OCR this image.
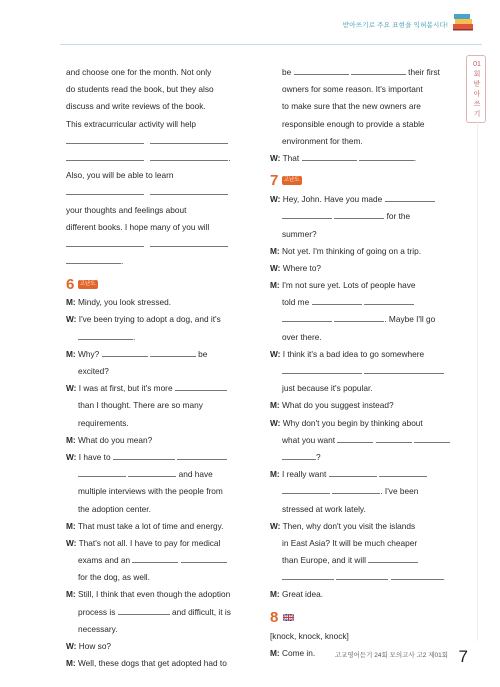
받아쓰기로 주요 표현을 익혀봅시다!
01회 받아쓰기
and choose one for the month. Not only
do students read the book, but they also
discuss and write reviews of the book.
This extracurricular activity will help

.
Also, you will be able to learn

your thoughts and feelings about
different books. I hope many of you will

.
6 고난도
M: Mindy, you look stressed.
W: I've been trying to adopt a dog, and it's
.
M: Why?	be
excited?
W: I was at first, but it's more
than I thought. There are so many
requirements.
M: What do you mean?
W: I have to
and have
multiple interviews with the people from
the adoption center.
M: That must take a lot of time and energy.
W: That's not all. I have to pay for medical
exams and an
for the dog, as well.
M: Still, I think that even though the adoption
process is	and difficult, it is
necessary.
W: How so?
M: Well, these dogs that get adopted had to
be	their first
owners for some reason. It's important
to make sure that the new owners are
responsible enough to provide a stable
environment for them.
W: That	.
7 고난도
W: Hey, John. Have you made
for the
summer?
M: Not yet. I'm thinking of going on a trip.
W: Where to?
M: I'm not sure yet. Lots of people have
told me
. Maybe I'll go
over there.
W: I think it's a bad idea to go somewhere

just because it's popular.
M: What do you suggest instead?
W: Why don't you begin by thinking about
what you want
?
M: I really want
. I've been
stressed at work lately.
W: Then, why don't you visit the islands
in East Asia? It will be much cheaper
than Europe, and it will
.
M: Great idea.
8
[knock, knock, knock]
M: Come in.	고교영어듣기 24회 모의고사 고2 제01회 7
